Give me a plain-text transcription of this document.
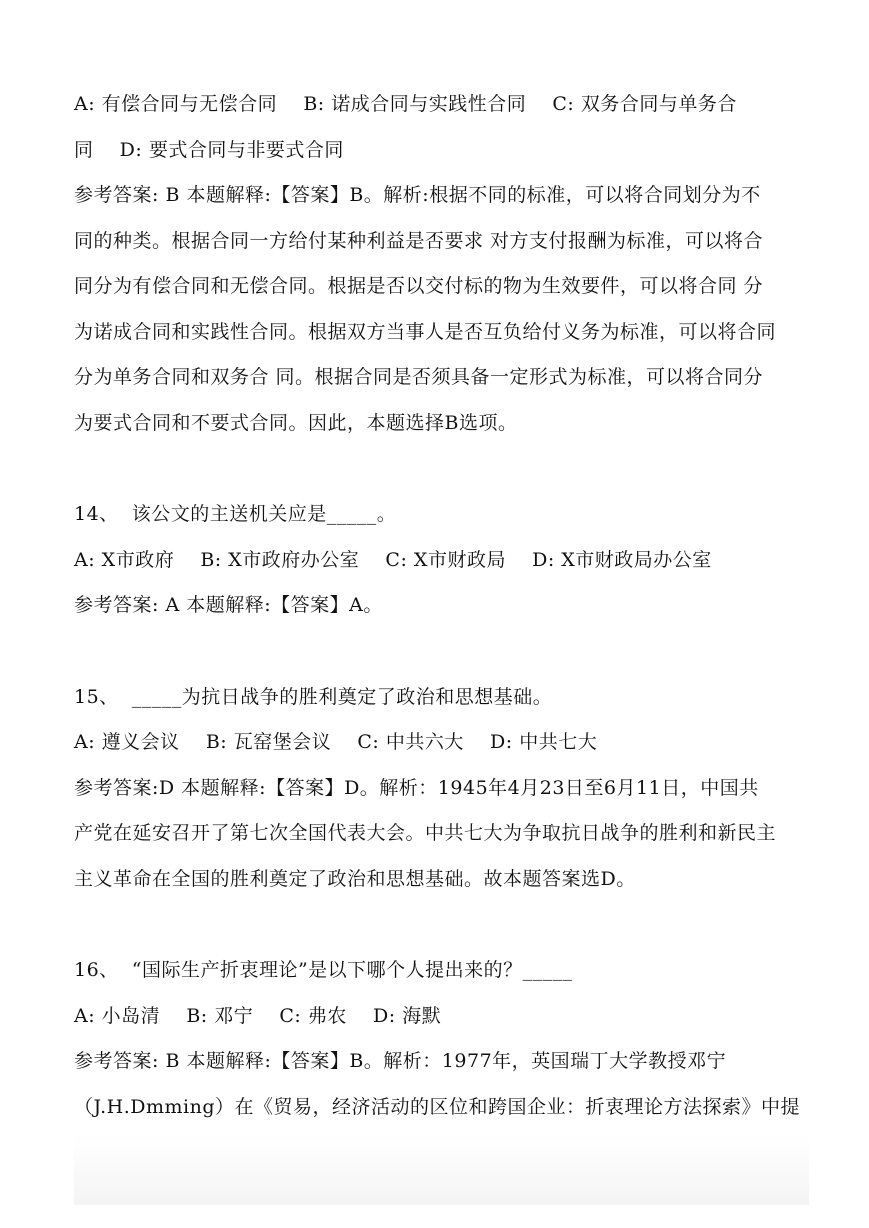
A: 有偿合同与无偿合同    B: 诺成合同与实践性合同    C: 双务合同与单务合
同    D: 要式合同与非要式合同
参考答案: B 本题解释:【答案】B。解析:根据不同的标准，可以将合同划分为不
同的种类。根据合同一方给付某种利益是否要求 对方支付报酬为标准，可以将合
同分为有偿合同和无偿合同。根据是否以交付标的物为生效要件，可以将合同 分
为诺成合同和实践性合同。根据双方当事人是否互负给付义务为标准，可以将合同
分为单务合同和双务合 同。根据合同是否须具备一定形式为标准，可以将合同分
为要式合同和不要式合同。因此，本题选择B选项。
14、  该公文的主送机关应是_____。
A: X市政府    B: X市政府办公室    C: X市财政局    D: X市财政局办公室
参考答案: A 本题解释:【答案】A。
15、  _____为抗日战争的胜利奠定了政治和思想基础。
A: 遵义会议    B: 瓦窑堡会议    C: 中共六大    D: 中共七大
参考答案:D 本题解释:【答案】D。解析：1945年4月23日至6月11日，中国共
产党在延安召开了第七次全国代表大会。中共七大为争取抗日战争的胜利和新民主
主义革命在全国的胜利奠定了政治和思想基础。故本题答案选D。
16、  “国际生产折衷理论”是以下哪个人提出来的？_____
A: 小岛清    B: 邓宁    C: 弗农    D: 海默
参考答案: B 本题解释:【答案】B。解析：1977年，英国瑞丁大学教授邓宁
（J.H.Dmming）在《贸易，经济活动的区位和跨国企业：折衷理论方法探索》中提
